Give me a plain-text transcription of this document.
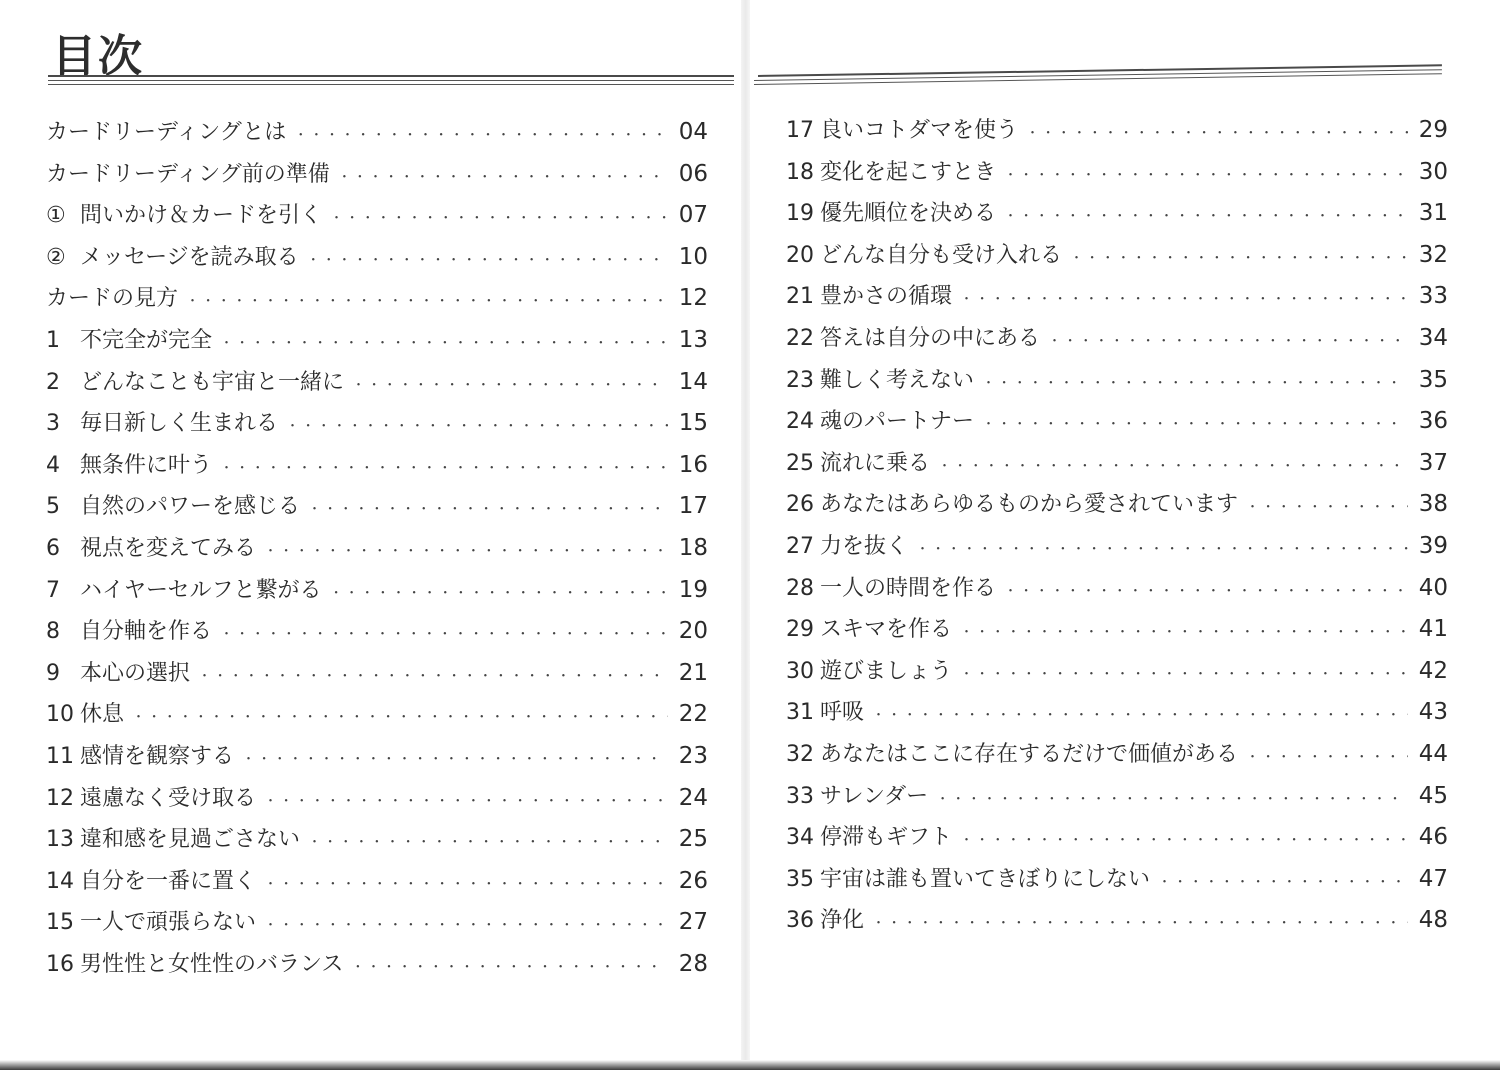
目次
カードリーディングとは ・・・・・・・・・・・・・・・・・・・・・・・・・・・・・・・・・・・・・・・・・・・・・・・・・・・・・・・・・・・・・・・・・・・・・・・・・・・・・・・・・・・・・	04
カードリーディング前の準備 ・・・・・・・・・・・・・・・・・・・・・・・・・・・・・・・・・・・・・・・・・・・・・・・・・・・・・・・・・・・・・・・・・・・・・・・・・・・・・・・・・・・・・	06
① 問いかけ＆カードを引く ・・・・・・・・・・・・・・・・・・・・・・・・・・・・・・・・・・・・・・・・・・・・・・・・・・・・・・・・・・・・・・・・・・・・・・・・・・・・・・・・・・・・・	07
② メッセージを読み取る ・・・・・・・・・・・・・・・・・・・・・・・・・・・・・・・・・・・・・・・・・・・・・・・・・・・・・・・・・・・・・・・・・・・・・・・・・・・・・・・・・・・・・	10
カードの見方 ・・・・・・・・・・・・・・・・・・・・・・・・・・・・・・・・・・・・・・・・・・・・・・・・・・・・・・・・・・・・・・・・・・・・・・・・・・・・・・・・・・・・・	12
1 不完全が完全 ・・・・・・・・・・・・・・・・・・・・・・・・・・・・・・・・・・・・・・・・・・・・・・・・・・・・・・・・・・・・・・・・・・・・・・・・・・・・・・・・・・・・・	13
2 どんなことも宇宙と一緒に ・・・・・・・・・・・・・・・・・・・・・・・・・・・・・・・・・・・・・・・・・・・・・・・・・・・・・・・・・・・・・・・・・・・・・・・・・・・・・・・・・・・・・	14
3 毎日新しく生まれる ・・・・・・・・・・・・・・・・・・・・・・・・・・・・・・・・・・・・・・・・・・・・・・・・・・・・・・・・・・・・・・・・・・・・・・・・・・・・・・・・・・・・・	15
4 無条件に叶う ・・・・・・・・・・・・・・・・・・・・・・・・・・・・・・・・・・・・・・・・・・・・・・・・・・・・・・・・・・・・・・・・・・・・・・・・・・・・・・・・・・・・・	16
5 自然のパワーを感じる ・・・・・・・・・・・・・・・・・・・・・・・・・・・・・・・・・・・・・・・・・・・・・・・・・・・・・・・・・・・・・・・・・・・・・・・・・・・・・・・・・・・・・	17
6 視点を変えてみる ・・・・・・・・・・・・・・・・・・・・・・・・・・・・・・・・・・・・・・・・・・・・・・・・・・・・・・・・・・・・・・・・・・・・・・・・・・・・・・・・・・・・・	18
7 ハイヤーセルフと繋がる ・・・・・・・・・・・・・・・・・・・・・・・・・・・・・・・・・・・・・・・・・・・・・・・・・・・・・・・・・・・・・・・・・・・・・・・・・・・・・・・・・・・・・	19
8 自分軸を作る ・・・・・・・・・・・・・・・・・・・・・・・・・・・・・・・・・・・・・・・・・・・・・・・・・・・・・・・・・・・・・・・・・・・・・・・・・・・・・・・・・・・・・	20
9 本心の選択 ・・・・・・・・・・・・・・・・・・・・・・・・・・・・・・・・・・・・・・・・・・・・・・・・・・・・・・・・・・・・・・・・・・・・・・・・・・・・・・・・・・・・・	21
10 休息 ・・・・・・・・・・・・・・・・・・・・・・・・・・・・・・・・・・・・・・・・・・・・・・・・・・・・・・・・・・・・・・・・・・・・・・・・・・・・・・・・・・・・・	22
11 感情を観察する ・・・・・・・・・・・・・・・・・・・・・・・・・・・・・・・・・・・・・・・・・・・・・・・・・・・・・・・・・・・・・・・・・・・・・・・・・・・・・・・・・・・・・	23
12 遠慮なく受け取る ・・・・・・・・・・・・・・・・・・・・・・・・・・・・・・・・・・・・・・・・・・・・・・・・・・・・・・・・・・・・・・・・・・・・・・・・・・・・・・・・・・・・・	24
13 違和感を見過ごさない ・・・・・・・・・・・・・・・・・・・・・・・・・・・・・・・・・・・・・・・・・・・・・・・・・・・・・・・・・・・・・・・・・・・・・・・・・・・・・・・・・・・・・	25
14 自分を一番に置く ・・・・・・・・・・・・・・・・・・・・・・・・・・・・・・・・・・・・・・・・・・・・・・・・・・・・・・・・・・・・・・・・・・・・・・・・・・・・・・・・・・・・・	26
15 一人で頑張らない ・・・・・・・・・・・・・・・・・・・・・・・・・・・・・・・・・・・・・・・・・・・・・・・・・・・・・・・・・・・・・・・・・・・・・・・・・・・・・・・・・・・・・	27
16 男性性と女性性のバランス ・・・・・・・・・・・・・・・・・・・・・・・・・・・・・・・・・・・・・・・・・・・・・・・・・・・・・・・・・・・・・・・・・・・・・・・・・・・・・・・・・・・・・	28
17 良いコトダマを使う ・・・・・・・・・・・・・・・・・・・・・・・・・・・・・・・・・・・・・・・・・・・・・・・・・・・・・・・・・・・・・・・・・・・・・・・・・・・・・・・・・・・・・	29
18 変化を起こすとき ・・・・・・・・・・・・・・・・・・・・・・・・・・・・・・・・・・・・・・・・・・・・・・・・・・・・・・・・・・・・・・・・・・・・・・・・・・・・・・・・・・・・・	30
19 優先順位を決める ・・・・・・・・・・・・・・・・・・・・・・・・・・・・・・・・・・・・・・・・・・・・・・・・・・・・・・・・・・・・・・・・・・・・・・・・・・・・・・・・・・・・・	31
20 どんな自分も受け入れる ・・・・・・・・・・・・・・・・・・・・・・・・・・・・・・・・・・・・・・・・・・・・・・・・・・・・・・・・・・・・・・・・・・・・・・・・・・・・・・・・・・・・・	32
21 豊かさの循環 ・・・・・・・・・・・・・・・・・・・・・・・・・・・・・・・・・・・・・・・・・・・・・・・・・・・・・・・・・・・・・・・・・・・・・・・・・・・・・・・・・・・・・	33
22 答えは自分の中にある ・・・・・・・・・・・・・・・・・・・・・・・・・・・・・・・・・・・・・・・・・・・・・・・・・・・・・・・・・・・・・・・・・・・・・・・・・・・・・・・・・・・・・	34
23 難しく考えない ・・・・・・・・・・・・・・・・・・・・・・・・・・・・・・・・・・・・・・・・・・・・・・・・・・・・・・・・・・・・・・・・・・・・・・・・・・・・・・・・・・・・・	35
24 魂のパートナー ・・・・・・・・・・・・・・・・・・・・・・・・・・・・・・・・・・・・・・・・・・・・・・・・・・・・・・・・・・・・・・・・・・・・・・・・・・・・・・・・・・・・・	36
25 流れに乗る ・・・・・・・・・・・・・・・・・・・・・・・・・・・・・・・・・・・・・・・・・・・・・・・・・・・・・・・・・・・・・・・・・・・・・・・・・・・・・・・・・・・・・	37
26 あなたはあらゆるものから愛されています ・・・・・・・・・・・・・・・・・・・・・・・・・・・・・・・・・・・・・・・・・・・・・・・・・・・・・・・・・・・・・・・・・・・・・・・・・・・・・・・・・・・・・	38
27 力を抜く ・・・・・・・・・・・・・・・・・・・・・・・・・・・・・・・・・・・・・・・・・・・・・・・・・・・・・・・・・・・・・・・・・・・・・・・・・・・・・・・・・・・・・	39
28 一人の時間を作る ・・・・・・・・・・・・・・・・・・・・・・・・・・・・・・・・・・・・・・・・・・・・・・・・・・・・・・・・・・・・・・・・・・・・・・・・・・・・・・・・・・・・・	40
29 スキマを作る ・・・・・・・・・・・・・・・・・・・・・・・・・・・・・・・・・・・・・・・・・・・・・・・・・・・・・・・・・・・・・・・・・・・・・・・・・・・・・・・・・・・・・	41
30 遊びましょう ・・・・・・・・・・・・・・・・・・・・・・・・・・・・・・・・・・・・・・・・・・・・・・・・・・・・・・・・・・・・・・・・・・・・・・・・・・・・・・・・・・・・・	42
31 呼吸 ・・・・・・・・・・・・・・・・・・・・・・・・・・・・・・・・・・・・・・・・・・・・・・・・・・・・・・・・・・・・・・・・・・・・・・・・・・・・・・・・・・・・・	43
32 あなたはここに存在するだけで価値がある ・・・・・・・・・・・・・・・・・・・・・・・・・・・・・・・・・・・・・・・・・・・・・・・・・・・・・・・・・・・・・・・・・・・・・・・・・・・・・・・・・・・・・	44
33 サレンダー ・・・・・・・・・・・・・・・・・・・・・・・・・・・・・・・・・・・・・・・・・・・・・・・・・・・・・・・・・・・・・・・・・・・・・・・・・・・・・・・・・・・・・	45
34 停滞もギフト ・・・・・・・・・・・・・・・・・・・・・・・・・・・・・・・・・・・・・・・・・・・・・・・・・・・・・・・・・・・・・・・・・・・・・・・・・・・・・・・・・・・・・	46
35 宇宙は誰も置いてきぼりにしない ・・・・・・・・・・・・・・・・・・・・・・・・・・・・・・・・・・・・・・・・・・・・・・・・・・・・・・・・・・・・・・・・・・・・・・・・・・・・・・・・・・・・・	47
36 浄化 ・・・・・・・・・・・・・・・・・・・・・・・・・・・・・・・・・・・・・・・・・・・・・・・・・・・・・・・・・・・・・・・・・・・・・・・・・・・・・・・・・・・・・	48
